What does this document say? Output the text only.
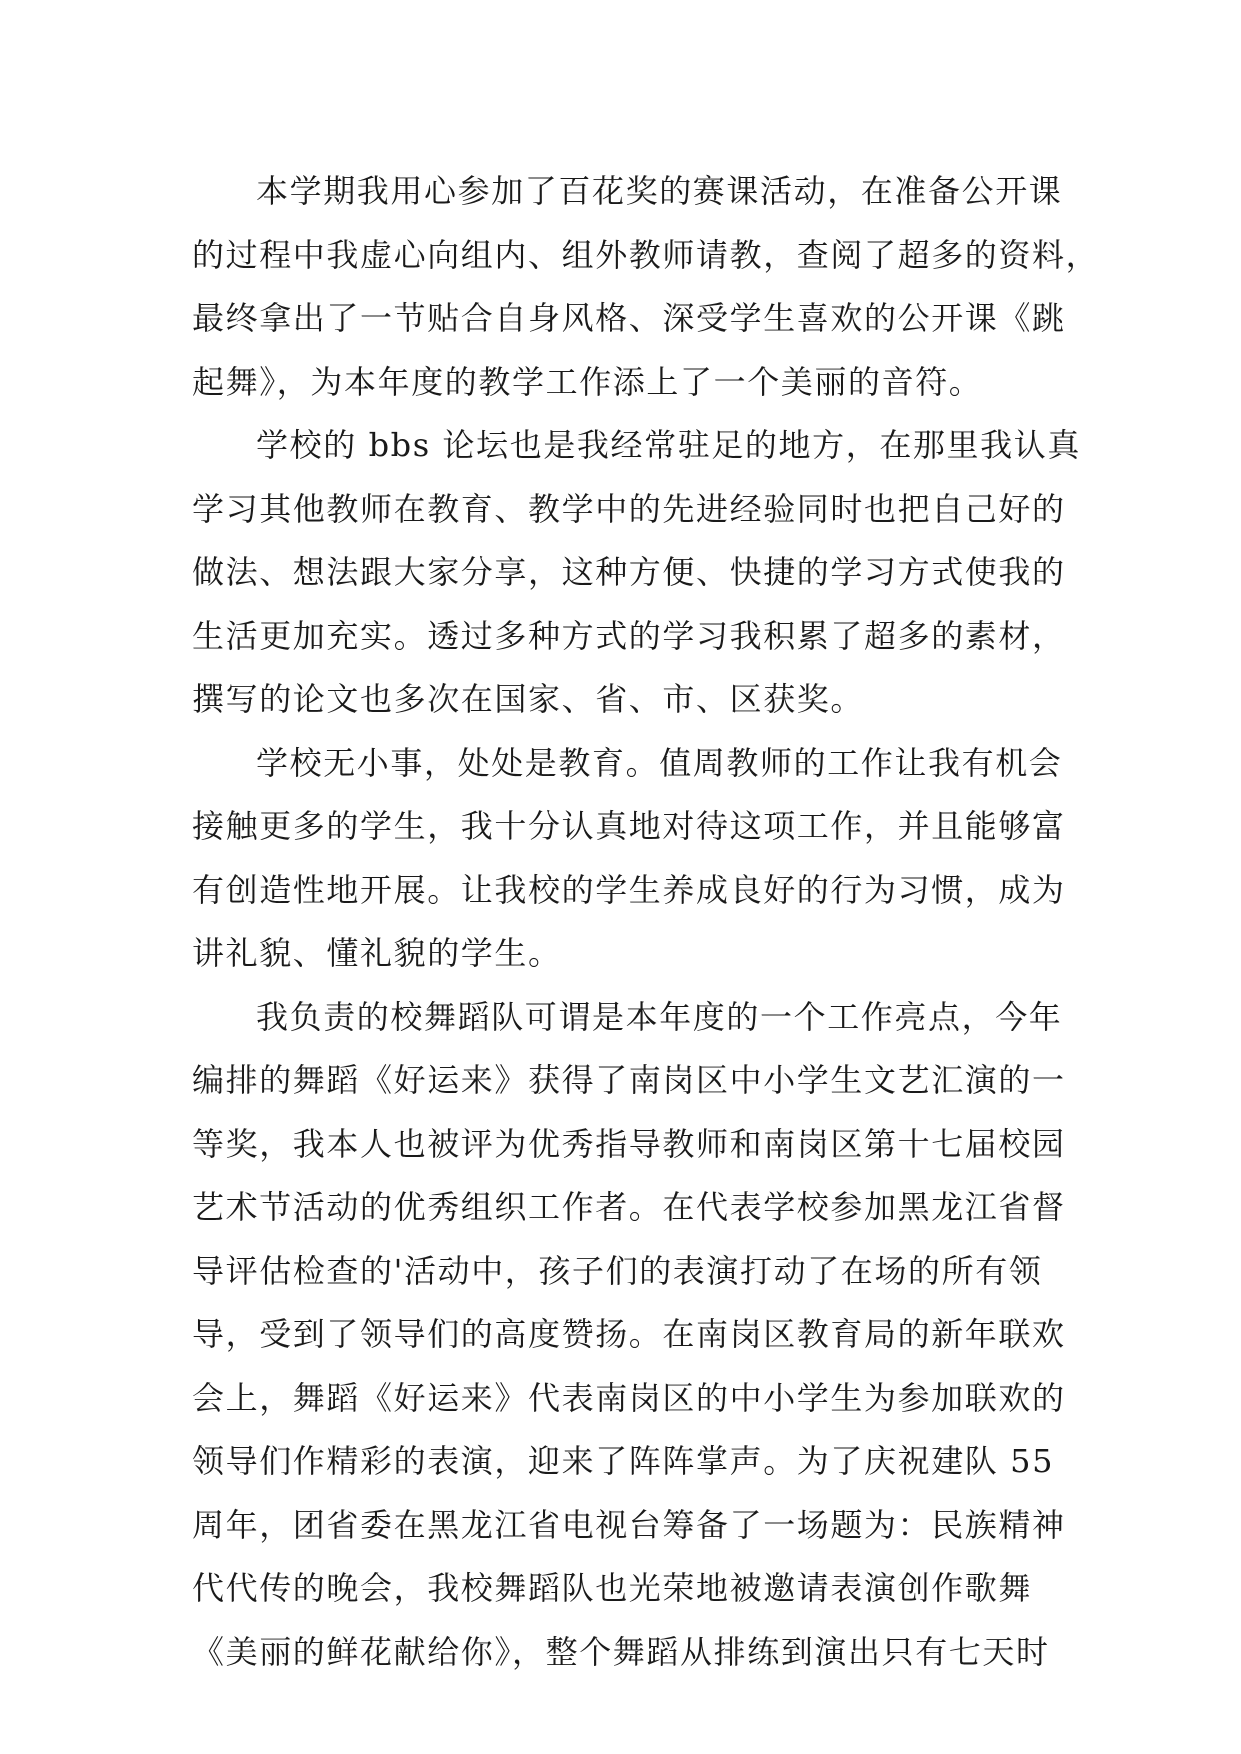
本学期我用心参加了百花奖的赛课活动，在准备公开课
的过程中我虚心向组内、组外教师请教，查阅了超多的资料，
最终拿出了一节贴合自身风格、深受学生喜欢的公开课《跳
起舞》，为本年度的教学工作添上了一个美丽的音符。
学校的 bbs 论坛也是我经常驻足的地方，在那里我认真
学习其他教师在教育、教学中的先进经验同时也把自己好的
做法、想法跟大家分享，这种方便、快捷的学习方式使我的
生活更加充实。透过多种方式的学习我积累了超多的素材，
撰写的论文也多次在国家、省、市、区获奖。
学校无小事，处处是教育。值周教师的工作让我有机会
接触更多的学生，我十分认真地对待这项工作，并且能够富
有创造性地开展。让我校的学生养成良好的行为习惯，成为
讲礼貌、懂礼貌的学生。
我负责的校舞蹈队可谓是本年度的一个工作亮点，今年
编排的舞蹈《好运来》获得了南岗区中小学生文艺汇演的一
等奖，我本人也被评为优秀指导教师和南岗区第十七届校园
艺术节活动的优秀组织工作者。在代表学校参加黑龙江省督
导评估检查的'活动中，孩子们的表演打动了在场的所有领
导，受到了领导们的高度赞扬。在南岗区教育局的新年联欢
会上，舞蹈《好运来》代表南岗区的中小学生为参加联欢的
领导们作精彩的表演，迎来了阵阵掌声。为了庆祝建队 55
周年，团省委在黑龙江省电视台筹备了一场题为：民族精神
代代传的晚会，我校舞蹈队也光荣地被邀请表演创作歌舞
《美丽的鲜花献给你》，整个舞蹈从排练到演出只有七天时
